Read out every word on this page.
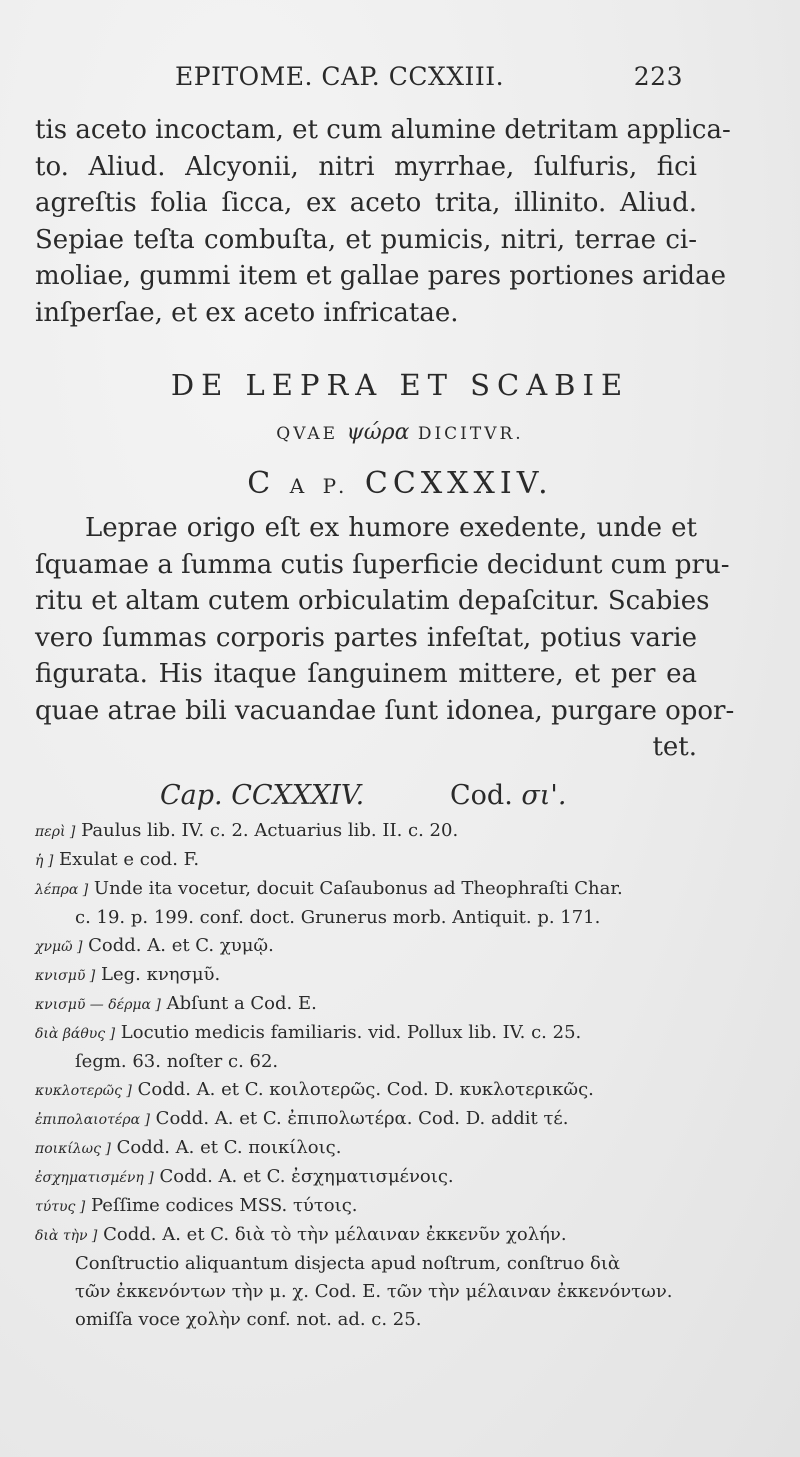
EPITOME. CAP. CCXXIII.	223
tis aceto incoctam, et cum alumine detritam applica-
to. Aliud. Alcyonii, nitri myrrhae, ſulfuris, fici
agreſtis folia ſicca, ex aceto trita, illinito. Aliud.
Sepiae teſta combuſta, et pumicis, nitri, terrae ci-
moliae, gummi item et gallae pares portiones aridae
inſperſae, et ex aceto infricatae.
DE LEPRA ET SCABIE
QVAE ψώρα DICITVR.
C A P. CCXXXIV.
Leprae origo eſt ex humore exedente, unde et
ſquamae a ſumma cutis ſuperficie decidunt cum pru-
ritu et altam cutem orbiculatim depaſcitur. Scabies
vero ſummas corporis partes infeſtat, potius varie
figurata. His itaque ſanguinem mittere, et per ea
quae atrae bili vacuandae ſunt idonea, purgare opor-
tet.
Cap. CCXXXIV.	Cod. σι'.
περὶ ] Paulus lib. IV. c. 2. Actuarius lib. II. c. 20.
ἡ ] Exulat e cod. F.
λέπρα ] Unde ita vocetur, docuit Caſaubonus ad Theophraſti Char.
c. 19. p. 199. conf. doct. Grunerus morb. Antiquit. p. 171.
χνμῶ ] Codd. A. et C. χυμῷ.
κνισμῦ ] Leg. κνησμῦ.
κνισμῦ — δέρμα ] Abſunt a Cod. E.
διὰ βάθυς ] Locutio medicis familiaris. vid. Pollux lib. IV. c. 25.
ſegm. 63. noſter c. 62.
κυκλοτερῶς ] Codd. A. et C. κοιλοτερῶς. Cod. D. κυκλοτερικῶς.
ἐπιπολαιοτέρα ] Codd. A. et C. ἐπιπολωτέρα. Cod. D. addit τέ.
ποικίλως ] Codd. A. et C. ποικίλοις.
ἐσχηματισμένη ] Codd. A. et C. ἐσχηματισμένοις.
τύτυς ] Peſſime codices MSS. τύτοις.
διὰ τὴν ] Codd. A. et C. διὰ τὸ τὴν μέλαιναν ἐκκενῦν χολήν.
Conſtructio aliquantum disjecta apud noſtrum, conſtruo διὰ
τῶν ἐκκενόντων τὴν μ. χ. Cod. E. τῶν τὴν μέλαιναν ἐκκενόντων.
omiſſa voce χολὴν conf. not. ad. c. 25.
